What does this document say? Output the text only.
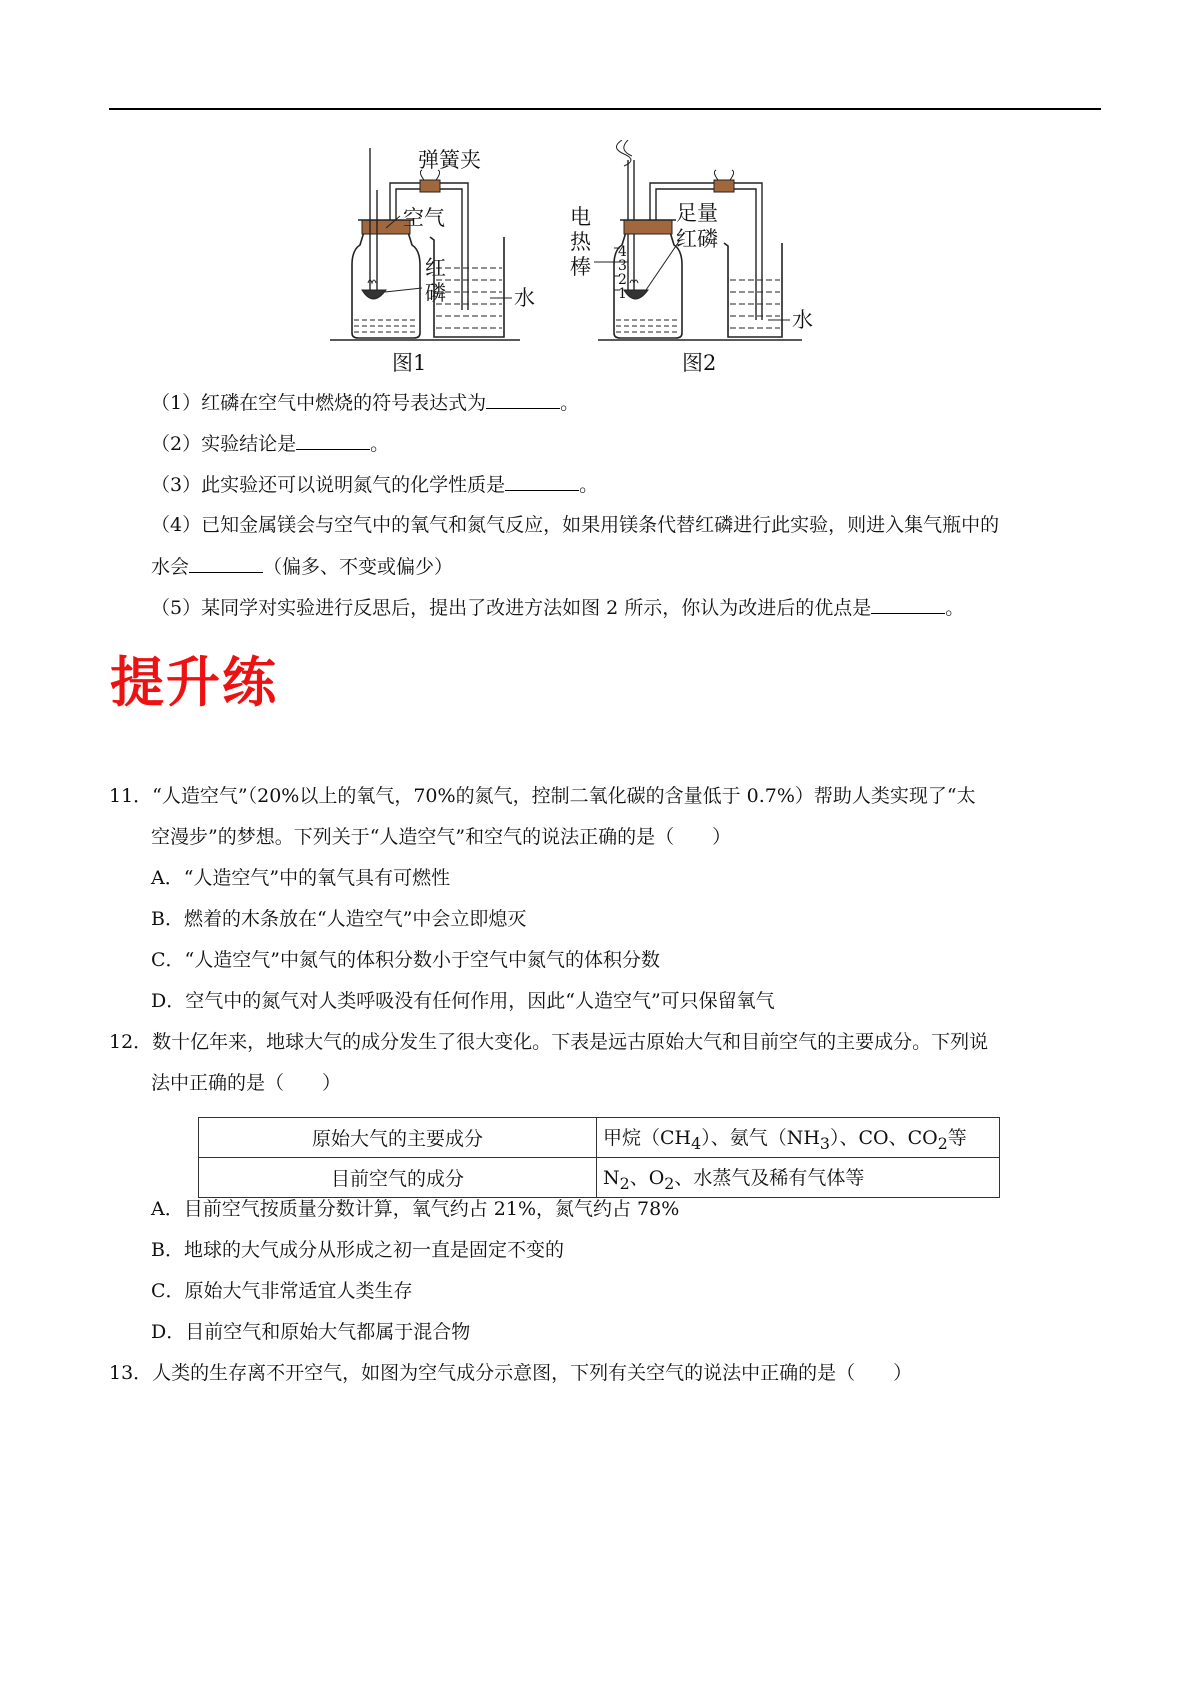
弹簧夹
空气
红
磷	水
图1
4
3
2
1
电
热
棒
足量
红磷
水
图2
（1）红磷在空气中燃烧的符号表达式为	。
（2）实验结论是	。
（3）此实验还可以说明氮气的化学性质是	。
（4）已知金属镁会与空气中的氧气和氮气反应，如果用镁条代替红磷进行此实验，则进入集气瓶中的
水会	（偏多、不变或偏少）
（5）某同学对实验进行反思后，提出了改进方法如图 2 所示，你认为改进后的优点是	。
提升练
11．“人造空气”（20%以上的氧气，70%的氮气，控制二氧化碳的含量低于 0.7%）帮助人类实现了“太
空漫步”的梦想。下列关于“人造空气”和空气的说法正确的是（　　）
A．“人造空气”中的氧气具有可燃性
B．燃着的木条放在“人造空气”中会立即熄灭
C．“人造空气”中氮气的体积分数小于空气中氮气的体积分数
D．空气中的氮气对人类呼吸没有任何作用，因此“人造空气”可只保留氧气
12．数十亿年来，地球大气的成分发生了很大变化。下表是远古原始大气和目前空气的主要成分。下列说
法中正确的是（　　）
原始大气的主要成分	甲烷$(CH_4)$、氨气$(NH_3)$、CO、$CO_2$等
目前空气的成分	$N_2$、$O_2$、水蒸气及稀有气体等
A．目前空气按质量分数计算，氧气约占 21%，氮气约占 78%
B．地球的大气成分从形成之初一直是固定不变的
C．原始大气非常适宜人类生存
D．目前空气和原始大气都属于混合物
13．人类的生存离不开空气，如图为空气成分示意图，下列有关空气的说法中正确的是（　　）
